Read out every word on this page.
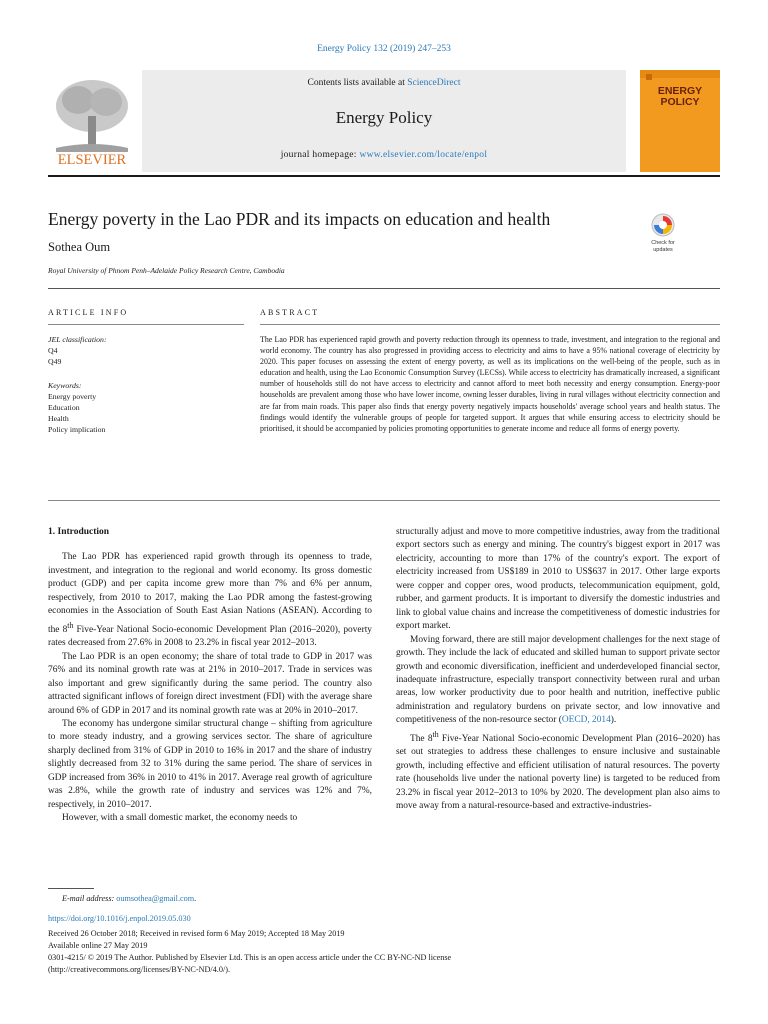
Energy Policy 132 (2019) 247–253
ELSEVIER
Contents lists available at ScienceDirect
Energy Policy
journal homepage: www.elsevier.com/locate/enpol
ENERGY
POLICY
Energy poverty in the Lao PDR and its impacts on education and health
Sothea Oum
Royal University of Phnom Penh–Adelaide Policy Research Centre, Cambodia
Check for
updates
ARTICLE INFO	ABSTRACT
JEL classification:
Q4
Q49
Keywords:
Energy poverty
Education
Health
Policy implication
The Lao PDR has experienced rapid growth and poverty reduction through its openness to trade, investment, and integration to the regional and world economy. The country has also progressed in providing access to electricity and aims to have a 95% national coverage of electricity by 2020. This paper focuses on assessing the extent of energy poverty, as well as its implications on the well-being of the people, such as in education and health, using the Lao Economic Consumption Survey (LECSs). While access to electricity has dramatically increased, a significant number of households still do not have access to electricity and cannot afford to meet both necessity and energy consumption. Energy-poor households are prevalent among those who have lower income, owning lesser durables, living in rural villages without electricity connection and are far from main roads. This paper also finds that energy poverty negatively impacts households' average school years and health status. The findings would identify the vulnerable groups of people for targeted support. It argues that while ensuring access to electricity should be prioritised, it should be accompanied by policies promoting opportunities to generate income and reduce all forms of energy poverty.
1. Introduction

The Lao PDR has experienced rapid growth through its openness to trade, investment, and integration to the regional and world economy. Its gross domestic product (GDP) and per capita income grew more than 7% and 6% per annum, respectively, from 2010 to 2017, making the Lao PDR among the fastest-growing economies in the Association of South East Asian Nations (ASEAN). According to the 8th Five-Year National Socio-economic Development Plan (2016–2020), poverty rates decreased from 27.6% in 2008 to 23.2% in fiscal year 2012–2013.

The Lao PDR is an open economy; the share of total trade to GDP in 2017 was 76% and its nominal growth rate was at 21% in 2010–2017. Trade in services was also important and grew significantly during the same period. The country also attracted significant inflows of foreign direct investment (FDI) with the average share around 6% of GDP in 2017 and its nominal growth rate was at 20% in 2010–2017.

The economy has undergone similar structural change – shifting from agriculture to more steady industry, and a growing services sector. The share of agriculture sharply declined from 31% of GDP in 2010 to 16% in 2017 and the share of industry slightly decreased from 32 to 31% during the same period. The share of services in GDP increased from 36% in 2010 to 41% in 2017. Average real growth of agriculture was 2.8%, while the growth rate of industry and services was 12% and 7%, respectively, in 2010–2017.

However, with a small domestic market, the economy needs to

structurally adjust and move to more competitive industries, away from the traditional export sectors such as energy and mining. The country's biggest export in 2017 was electricity, accounting to more than 17% of the country's export. The export of electricity increased from US$189 in 2010 to US$637 in 2017. Other large exports were copper and copper ores, wood products, telecommunication equipment, gold, rubber, and garment products. It is important to diversify the domestic industries and link to global value chains and increase the competitiveness of domestic industries for export market.

Moving forward, there are still major development challenges for the next stage of growth. They include the lack of educated and skilled human to support private sector growth and economic diversification, inefficient and underdeveloped financial sector, inadequate infrastructure, especially transport connectivity between rural and urban areas, low worker productivity due to poor health and nutrition, ineffective public administration and regulatory burdens on private sector, and low innovative and competitiveness of the non-resource sector (OECD, 2014).

The 8th Five-Year National Socio-economic Development Plan (2016–2020) has set out strategies to address these challenges to ensure inclusive and sustainable growth, including effective and efficient utilisation of natural resources. The poverty rate (households live under the national poverty line) is targeted to be reduced from 23.2% in fiscal year 2012–2013 to 10% by 2020. The development plan also aims to move away from a natural-resource-based and extractive-industries-

E-mail address: oumsothea@gmail.com.
https://doi.org/10.1016/j.enpol.2019.05.030
Received 26 October 2018; Received in revised form 6 May 2019; Accepted 18 May 2019
Available online 27 May 2019
0301-4215/ © 2019 The Author. Published by Elsevier Ltd. This is an open access article under the CC BY-NC-ND license
(http://creativecommons.org/licenses/BY-NC-ND/4.0/).
